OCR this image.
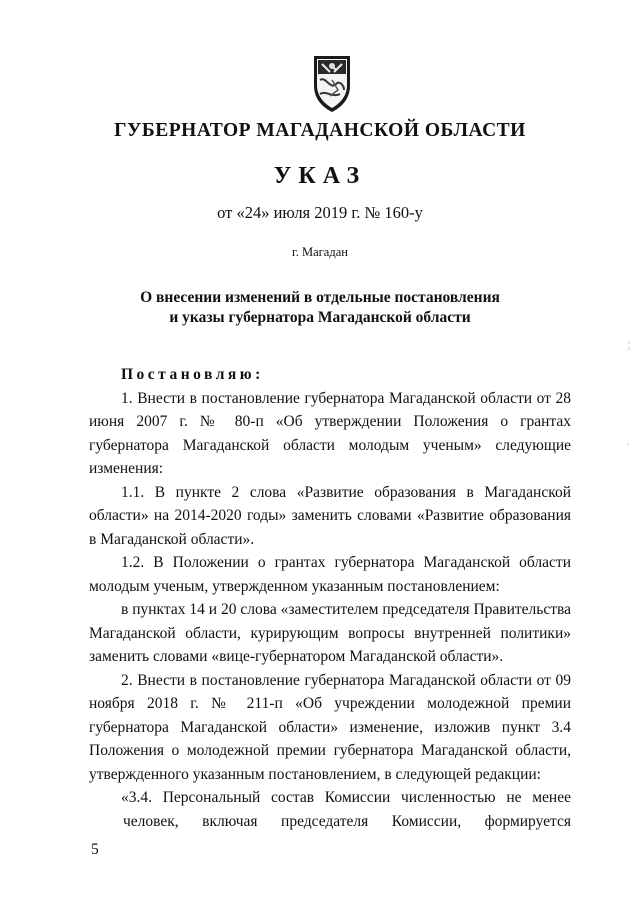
ГУБЕРНАТОР МАГАДАНСКОЙ ОБЛАСТИ
УКАЗ
от «24» июля 2019 г. № 160-у
г. Магадан
О внесении изменений в отдельные постановления
и указы губернатора Магаданской области

Постановляю:

1. Внести в постановление губернатора Магаданской области от 28 июня 2007 г. № 80-п «Об утверждении Положения о грантах губернатора Магаданской области молодым ученым» следующие изменения:

1.1. В пункте 2 слова «Развитие образования в Магаданской области» на 2014-2020 годы» заменить словами «Развитие образования в Магаданской области».

1.2. В Положении о грантах губернатора Магаданской области молодым ученым, утвержденном указанным постановлением:

в пунктах 14 и 20 слова «заместителем председателя Правительства Магаданской области, курирующим вопросы внутренней политики» заменить словами «вице-губернатором Магаданской области».

2. Внести в постановление губернатора Магаданской области от 09 ноября 2018 г. № 211-п «Об учреждении молодежной премии губернатора Магаданской области» изменение, изложив пункт 3.4 Положения о молодежной премии губернатора Магаданской области, утвержденного указанным постановлением, в следующей редакции:

«3.4. Персональный состав Комиссии численностью не менее

человек, включая председателя Комиссии, формируется

5
¦
·
